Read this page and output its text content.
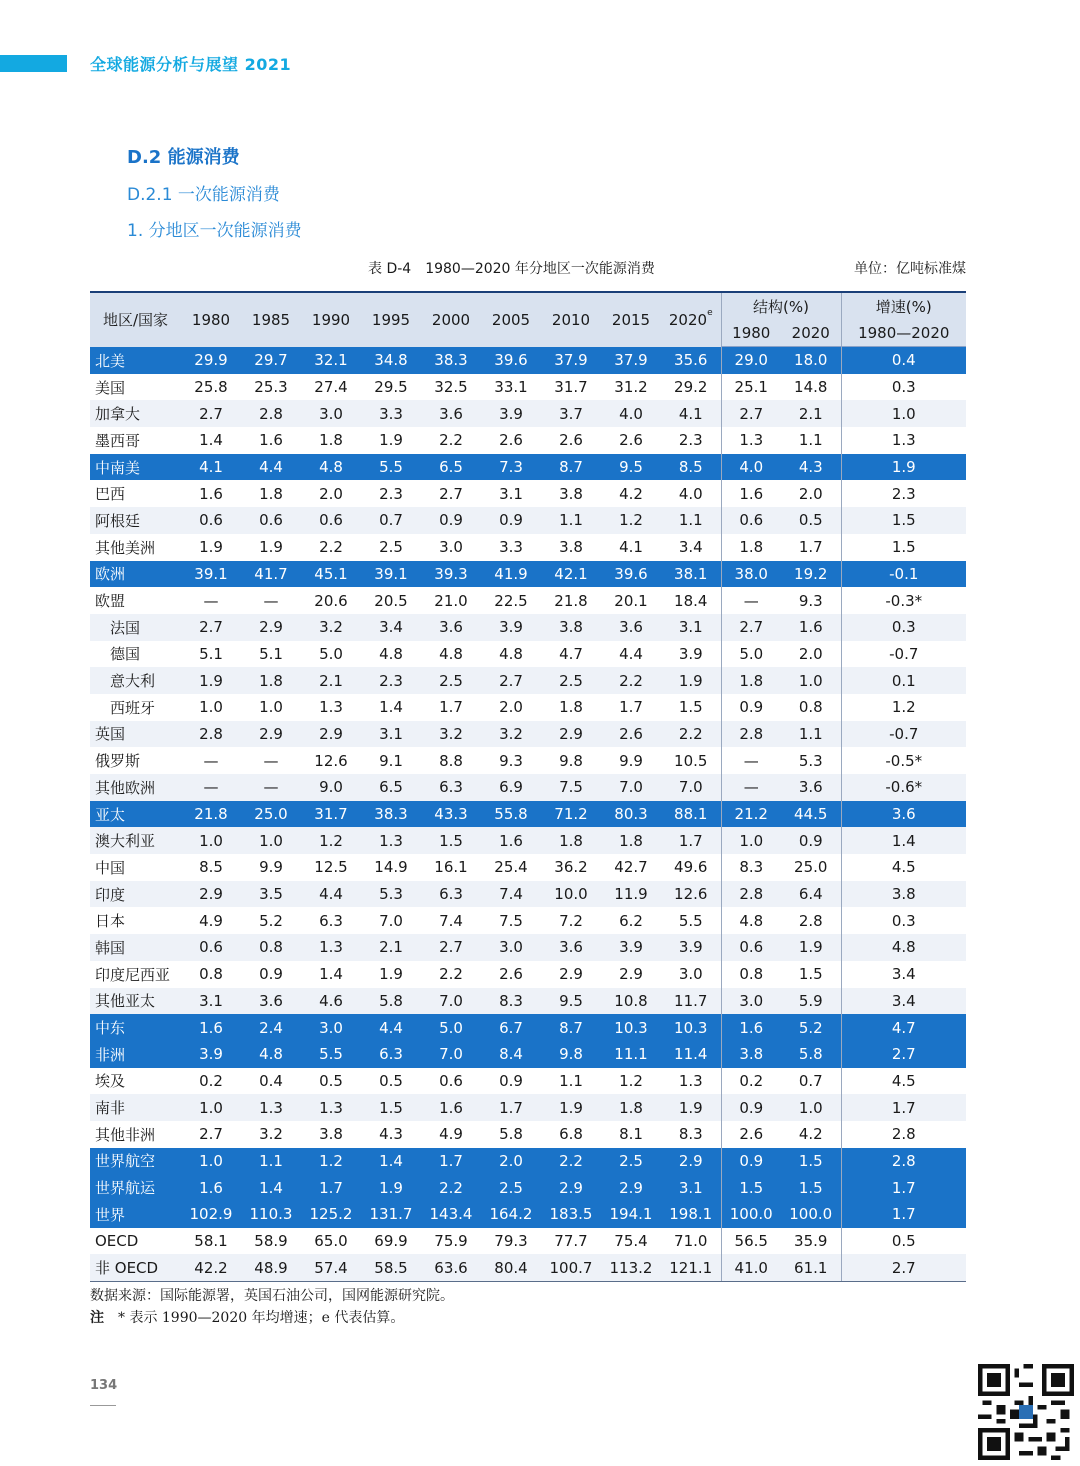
全球能源分析与展望 2021
D.2 能源消费
D.2.1 一次能源消费
1. 分地区一次能源消费
表 D-4　1980—2020 年分地区一次能源消费	单位：亿吨标准煤
地区/国家	1980	1985	1990	1995	2000	2005	2010	2015	2020e	结构(%)		增速(%)
										1980	2020	1980—2020
北美	29.9	29.7	32.1	34.8	38.3	39.6	37.9	37.9	35.6	29.0	18.0	0.4
美国	25.8	25.3	27.4	29.5	32.5	33.1	31.7	31.2	29.2	25.1	14.8	0.3
加拿大	2.7	2.8	3.0	3.3	3.6	3.9	3.7	4.0	4.1	2.7	2.1	1.0
墨西哥	1.4	1.6	1.8	1.9	2.2	2.6	2.6	2.6	2.3	1.3	1.1	1.3
中南美	4.1	4.4	4.8	5.5	6.5	7.3	8.7	9.5	8.5	4.0	4.3	1.9
巴西	1.6	1.8	2.0	2.3	2.7	3.1	3.8	4.2	4.0	1.6	2.0	2.3
阿根廷	0.6	0.6	0.6	0.7	0.9	0.9	1.1	1.2	1.1	0.6	0.5	1.5
其他美洲	1.9	1.9	2.2	2.5	3.0	3.3	3.8	4.1	3.4	1.8	1.7	1.5
欧洲	39.1	41.7	45.1	39.1	39.3	41.9	42.1	39.6	38.1	38.0	19.2	-0.1
欧盟	—	—	20.6	20.5	21.0	22.5	21.8	20.1	18.4	—	9.3	-0.3*
法国	2.7	2.9	3.2	3.4	3.6	3.9	3.8	3.6	3.1	2.7	1.6	0.3
德国	5.1	5.1	5.0	4.8	4.8	4.8	4.7	4.4	3.9	5.0	2.0	-0.7
意大利	1.9	1.8	2.1	2.3	2.5	2.7	2.5	2.2	1.9	1.8	1.0	0.1
西班牙	1.0	1.0	1.3	1.4	1.7	2.0	1.8	1.7	1.5	0.9	0.8	1.2
英国	2.8	2.9	2.9	3.1	3.2	3.2	2.9	2.6	2.2	2.8	1.1	-0.7
俄罗斯	—	—	12.6	9.1	8.8	9.3	9.8	9.9	10.5	—	5.3	-0.5*
其他欧洲	—	—	9.0	6.5	6.3	6.9	7.5	7.0	7.0	—	3.6	-0.6*
亚太	21.8	25.0	31.7	38.3	43.3	55.8	71.2	80.3	88.1	21.2	44.5	3.6
澳大利亚	1.0	1.0	1.2	1.3	1.5	1.6	1.8	1.8	1.7	1.0	0.9	1.4
中国	8.5	9.9	12.5	14.9	16.1	25.4	36.2	42.7	49.6	8.3	25.0	4.5
印度	2.9	3.5	4.4	5.3	6.3	7.4	10.0	11.9	12.6	2.8	6.4	3.8
日本	4.9	5.2	6.3	7.0	7.4	7.5	7.2	6.2	5.5	4.8	2.8	0.3
韩国	0.6	0.8	1.3	2.1	2.7	3.0	3.6	3.9	3.9	0.6	1.9	4.8
印度尼西亚	0.8	0.9	1.4	1.9	2.2	2.6	2.9	2.9	3.0	0.8	1.5	3.4
其他亚太	3.1	3.6	4.6	5.8	7.0	8.3	9.5	10.8	11.7	3.0	5.9	3.4
中东	1.6	2.4	3.0	4.4	5.0	6.7	8.7	10.3	10.3	1.6	5.2	4.7
非洲	3.9	4.8	5.5	6.3	7.0	8.4	9.8	11.1	11.4	3.8	5.8	2.7
埃及	0.2	0.4	0.5	0.5	0.6	0.9	1.1	1.2	1.3	0.2	0.7	4.5
南非	1.0	1.3	1.3	1.5	1.6	1.7	1.9	1.8	1.9	0.9	1.0	1.7
其他非洲	2.7	3.2	3.8	4.3	4.9	5.8	6.8	8.1	8.3	2.6	4.2	2.8
世界航空	1.0	1.1	1.2	1.4	1.7	2.0	2.2	2.5	2.9	0.9	1.5	2.8
世界航运	1.6	1.4	1.7	1.9	2.2	2.5	2.9	2.9	3.1	1.5	1.5	1.7
世界	102.9	110.3	125.2	131.7	143.4	164.2	183.5	194.1	198.1	100.0	100.0	1.7
OECD	58.1	58.9	65.0	69.9	75.9	79.3	77.7	75.4	71.0	56.5	35.9	0.5
非 OECD	42.2	48.9	57.4	58.5	63.6	80.4	100.7	113.2	121.1	41.0	61.1	2.7
数据来源：国际能源署，英国石油公司，国网能源研究院。
注 * 表示 1990—2020 年均增速；e 代表估算。
134
